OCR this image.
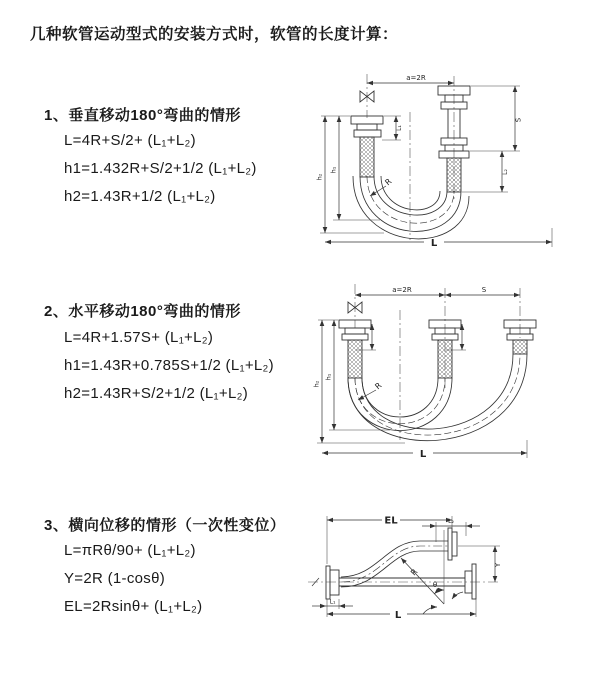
几种软管运动型式的安装方式时，软管的长度计算：
1、垂直移动180°弯曲的情形
L=4R+S/2+ (L₁+L₂)
h1=1.432R+S/2+1/2 (L₁+L₂)
h2=1.43R+1/2 (L₁+L₂)
a=2R
R
L₁
h₁
h₂
S
L₂
L
2、水平移动180°弯曲的情形
L=4R+1.57S+ (L₁+L₂)
h1=1.43R+0.785S+1/2 (L₁+L₂)
h2=1.43R+S/2+1/2 (L₁+L₂)
a=2R	S
R
h₁
h₂
L
3、横向位移的情形（一次性变位）
L=πRθ/90+ (L₁+L₂)
Y=2R (1-cosθ)
EL=2Rsinθ+ (L₁+L₂)
EL	L₂
R
θ
Y
L₁
L
